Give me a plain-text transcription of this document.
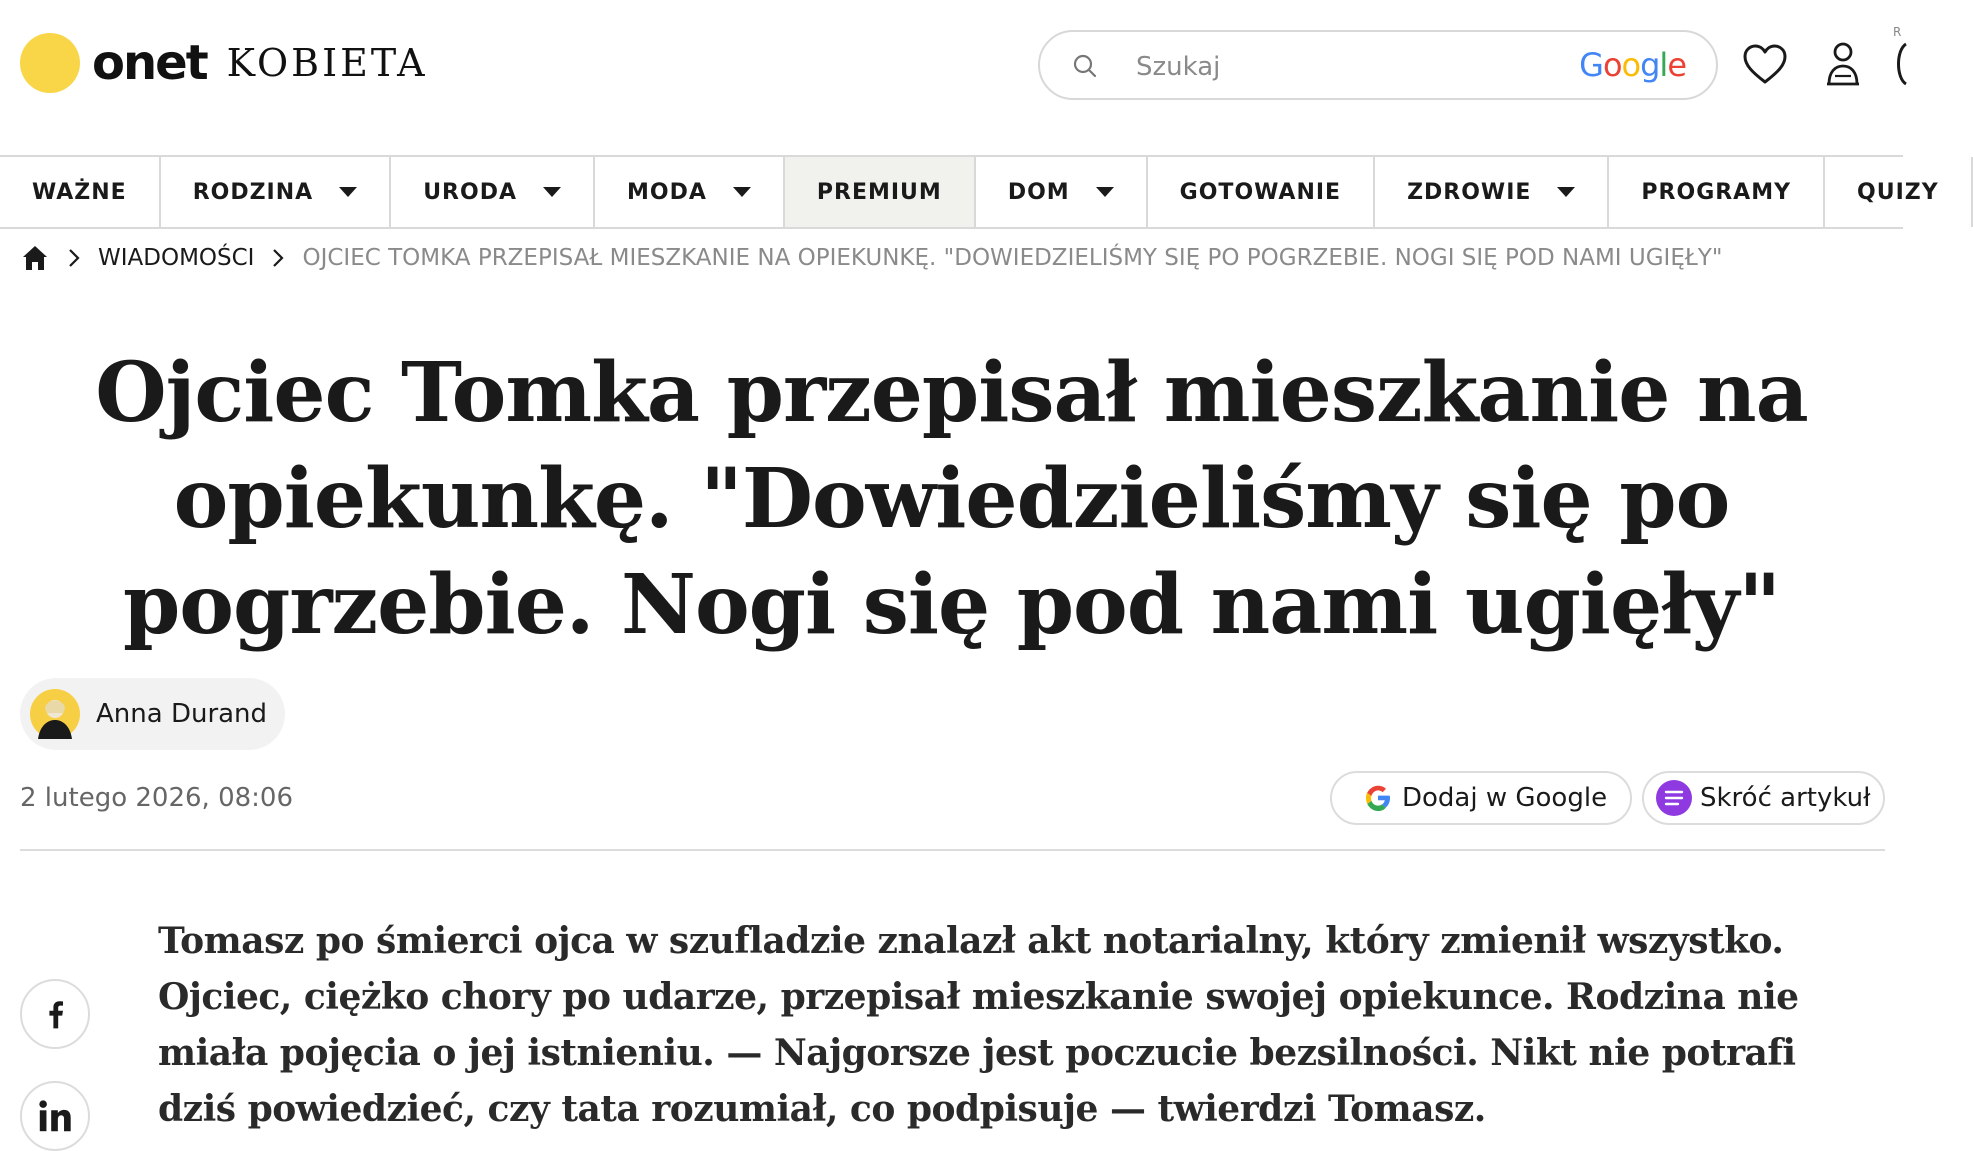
onet KOBIETA
Szukaj	Google
R
WAŻNE	RODZINA	URODA	MODA	PREMIUM	DOM	GOTOWANIE	ZDROWIE	PROGRAMY	QUIZY
WIADOMOŚCI OJCIEC TOMKA PRZEPISAŁ MIESZKANIE NA OPIEKUNKĘ. "DOWIEDZIELIŚMY SIĘ PO POGRZEBIE. NOGI SIĘ POD NAMI UGIĘŁY"
Ojciec Tomka przepisał mieszkanie na opiekunkę. "Dowiedzieliśmy się po pogrzebie. Nogi się pod nami ugięły"
Anna Durand
2 lutego 2026, 08:06	Dodaj w Google	Skróć artykuł

Tomasz po śmierci ojca w szufladzie znalazł akt notarialny, który zmienił wszystko. Ojciec, ciężko chory po udarze, przepisał mieszkanie swojej opiekunce. Rodzina nie miała pojęcia o jej istnieniu. — Najgorsze jest poczucie bezsilności. Nikt nie potrafi dziś powiedzieć, czy tata rozumiał, co podpisuje — twierdzi Tomasz.
